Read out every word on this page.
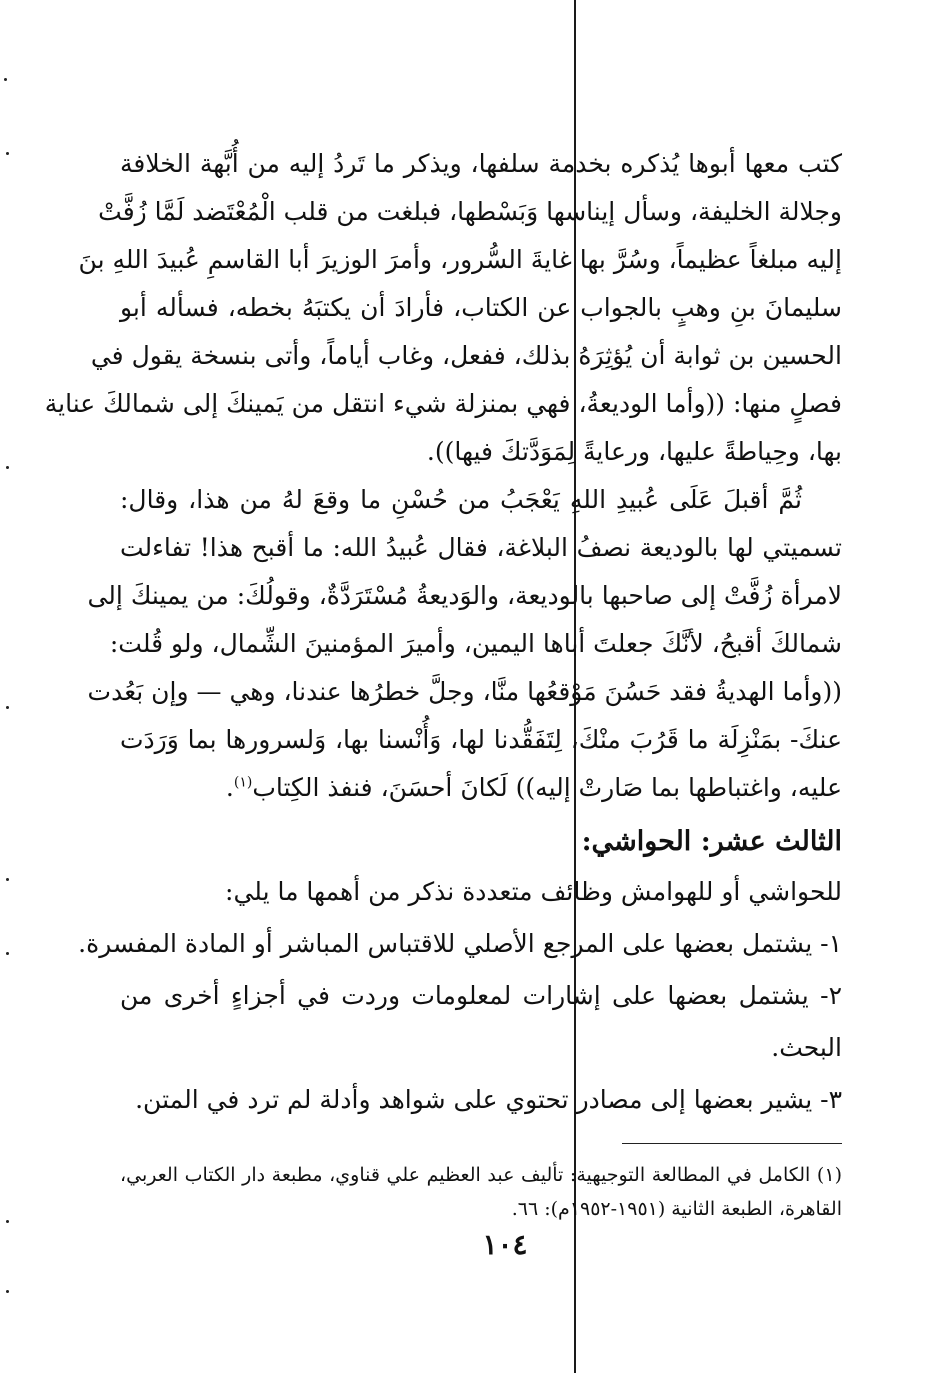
كتب معها أبوها يُذكره بخدمة سلفها، ويذكر ما تَردُ إليه من أُبَّهة الخلافة
وجلالة الخليفة، وسأل إيناسها وَبَسْطها، فبلغت من قلب الْمُعْتَضد لَمَّا زُفَّتْ
إليه مبلغاً عظيماً، وسُرَّ بها غايةَ السُّرور، وأمرَ الوزيرَ أبا القاسمِ عُبيدَ اللهِ بنَ
سليمانَ بنِ وهبٍ بالجواب عن الكتاب، فأرادَ أن يكتبَهُ بخطه، فسأله أبو
الحسين بن ثوابة أن يُؤثِرَهُ بذلك، ففعل، وغاب أياماً، وأتى بنسخة يقول في
فصلٍ منها: ((وأما الوديعةُ، فهي بمنزلة شيء انتقل من يَمينكَ إلى شمالكَ عناية
بها، وحِياطةً عليها، ورعايةً لِمَوَدَّتكَ فيها)).
ثُمَّ أقبلَ عَلَى عُبيدِ اللهِ يَعْجَبُ من حُسْنِ ما وقعَ لهُ من هذا، وقال:
تسميتي لها بالوديعة نصفُ البلاغة، فقال عُبيدُ الله: ما أقبح هذا! تفاءلت
لامرأة زُفَّتْ إلى صاحبها بالوديعة، والوَديعةُ مُسْتَرَدَّةٌ، وقولُكَ: من يمينكَ إلى
شمالكَ أقبحُ، لأنَّكَ جعلتَ أباها اليمين، وأميرَ المؤمنينَ الشِّمال، ولو قُلت:
((وأما الهديةُ فقد حَسُنَ مَوْقعُها منَّا، وجلَّ خطرُها عندنا، وهي — وإن بَعُدت
عنكَ- بمَنْزِلَة ما قَرُبَ منْكَ، لِتَفَقُّدنا لها، وَأُنْسنا بها، وَلسرورها بما وَرَدَت
عليه، واغتباطها بما صَارتْ إليه)) لَكانَ أحسَنَ، فنفذ الكِتاب$^{(١)}$.
الثالث عشر: الحواشي:
للحواشي أو للهوامش وظائف متعددة نذكر من أهمها ما يلي:
١- يشتمل بعضها على المرجع الأصلي للاقتباس المباشر أو المادة المفسرة.
٢- يشتمل بعضها على إشارات لمعلومات وردت في أجزاءٍ أخرى من
البحث.
٣- يشير بعضها إلى مصادر تحتوي على شواهد وأدلة لم ترد في المتن.
(١) الكامل في المطالعة التوجيهية: تأليف عبد العظيم علي قناوي، مطبعة دار الكتاب العربي،
القاهرة، الطبعة الثانية (١٩٥١-١٩٥٢م): ٦٦.
١٠٤
